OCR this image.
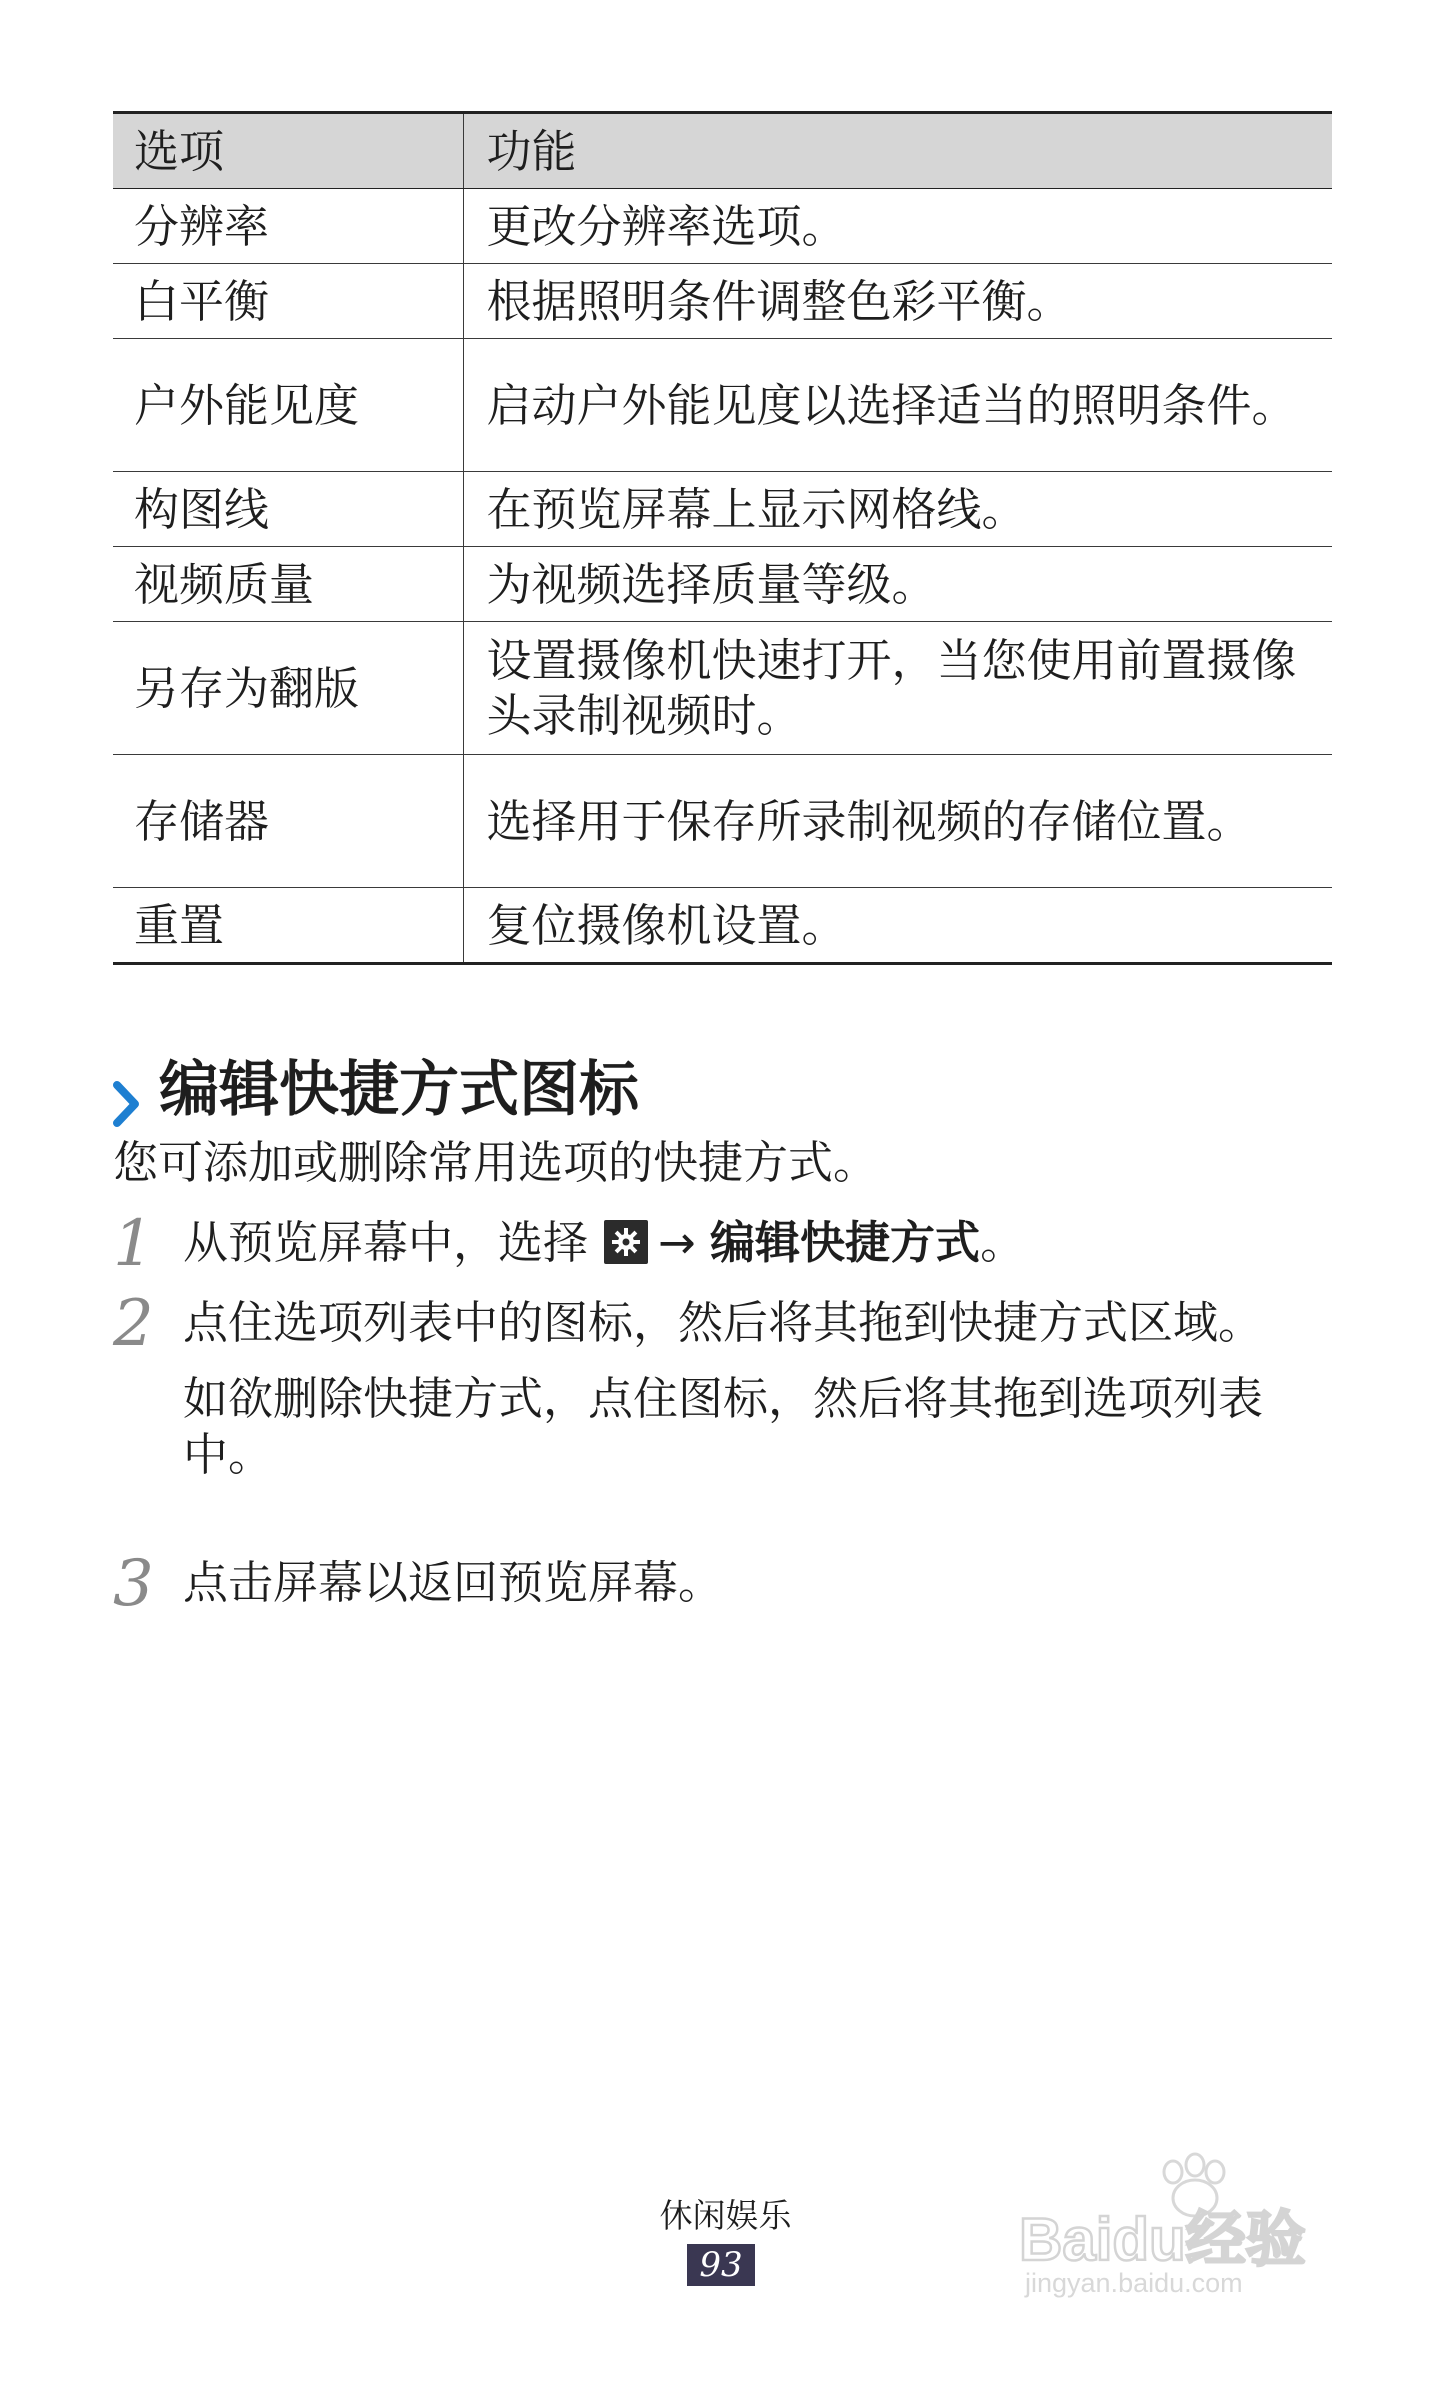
选项	功能
分辨率	更改分辨率选项。
白平衡	根据照明条件调整色彩平衡。
户外能见度	启动户外能见度以选择适当的照明条件。
构图线	在预览屏幕上显示网格线。
视频质量	为视频选择质量等级。
另存为翻版	设置摄像机快速打开，当您使用前置摄像头录制视频时。
存储器	选择用于保存所录制视频的存储位置。
重置	复位摄像机设置。
编辑快捷方式图标

您可添加或删除常用选项的快捷方式。

1 从预览屏幕中，选择 → 编辑快捷方式。
2 点住选项列表中的图标，然后将其拖到快捷方式区域。
如欲删除快捷方式，点住图标，然后将其拖到选项列表中。
3 点击屏幕以返回预览屏幕。
休闲娱乐
93	Baidu经验
jingyan.baidu.com
